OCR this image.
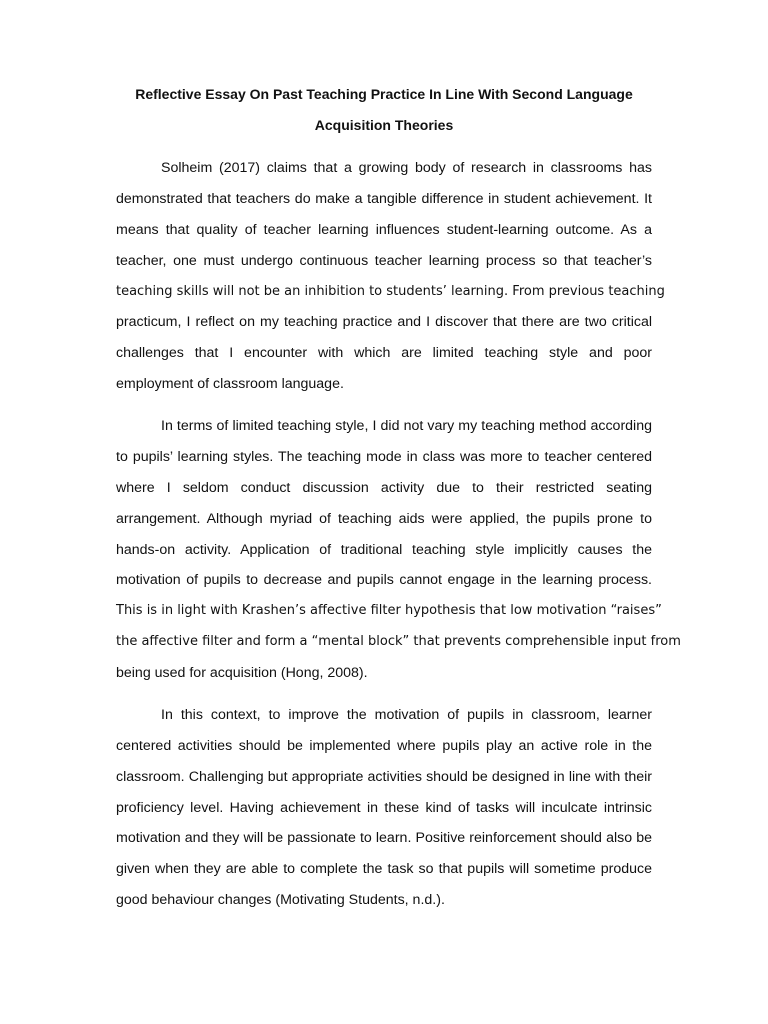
Reflective Essay On Past Teaching Practice In Line With Second Language
Acquisition Theories
Solheim (2017) claims that a growing body of research in classrooms has
demonstrated that teachers do make a tangible difference in student achievement. It
means that quality of teacher learning influences student-learning outcome. As a
teacher, one must undergo continuous teacher learning process so that teacher’s
teaching skills will not be an inhibition to students’ learning. From previous teaching
practicum, I reflect on my teaching practice and I discover that there are two critical
challenges that I encounter with which are limited teaching style and poor
employment of classroom language.
In terms of limited teaching style, I did not vary my teaching method according
to pupils’ learning styles. The teaching mode in class was more to teacher centered
where I seldom conduct discussion activity due to their restricted seating
arrangement. Although myriad of teaching aids were applied, the pupils prone to
hands-on activity. Application of traditional teaching style implicitly causes the
motivation of pupils to decrease and pupils cannot engage in the learning process.
This is in light with Krashen’s affective filter hypothesis that low motivation “raises”
the affective filter and form a “mental block” that prevents comprehensible input from
being used for acquisition (Hong, 2008).
In this context, to improve the motivation of pupils in classroom, learner
centered activities should be implemented where pupils play an active role in the
classroom. Challenging but appropriate activities should be designed in line with their
proficiency level. Having achievement in these kind of tasks will inculcate intrinsic
motivation and they will be passionate to learn. Positive reinforcement should also be
given when they are able to complete the task so that pupils will sometime produce
good behaviour changes (Motivating Students, n.d.).
